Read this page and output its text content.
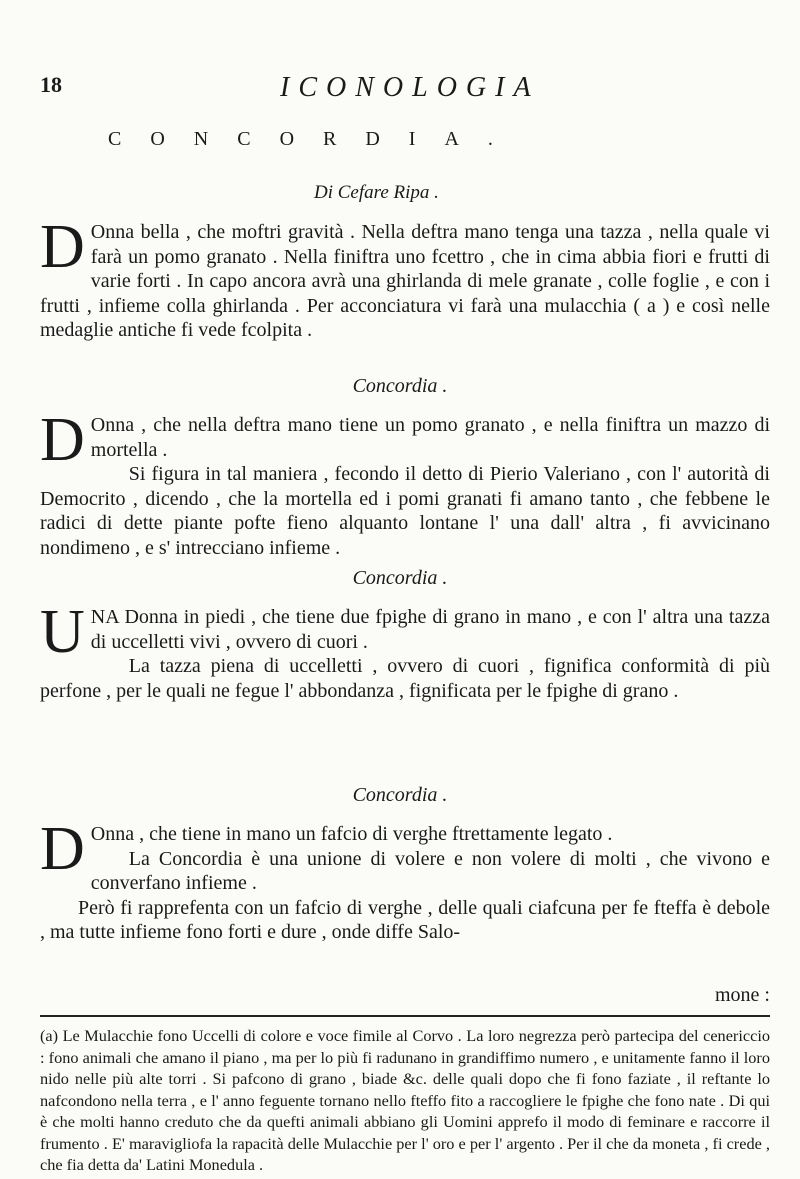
18	ICONOLOGIA
CONCORDIA.
Di Cefare Ripa .
D Onna bella , che moftri gravità . Nella deftra mano tenga una tazza , nella quale vi farà un pomo granato . Nella finiftra uno fcettro , che in cima abbia fiori e frutti di varie forti . In capo ancora avrà una ghirlanda di mele granate , colle foglie , e con i frutti , infieme colla ghirlanda . Per acconciatura vi farà una mulacchia ( a ) e così nelle medaglie antiche fi vede fcolpita .
Concordia .
D Onna , che nella deftra mano tiene un pomo granato , e nella finiftra un mazzo di mortella .

Si figura in tal maniera , fecondo il detto di Pierio Valeriano , con l' autorità di Democrito , dicendo , che la mortella ed i pomi granati fi amano tanto , che febbene le radici di dette piante pofte fieno alquanto lontane l' una dall' altra , fi avvicinano nondimeno , e s' intrecciano infieme .

Concordia .
UNA Donna in piedi , che tiene due fpighe di grano in mano , e con l' altra una tazza di uccelletti vivi , ovvero di cuori .

La tazza piena di uccelletti , ovvero di cuori , fignifica conformità di più perfone , per le quali ne fegue l' abbondanza , fignificata per le fpighe di grano .

Concordia .
D Onna , che tiene in mano un fafcio di verghe ftrettamente legato .

La Concordia è una unione di volere e non volere di molti , che vivono e converfano infieme .

Però fi rapprefenta con un fafcio di verghe , delle quali ciafcuna per fe fteffa è debole , ma tutte infieme fono forti e dure , onde diffe Salo-

mone :

(a) Le Mulacchie fono Uccelli di colore e voce fimile al Corvo . La loro negrezza però partecipa del cenericcio : fono animali che amano il piano , ma per lo più fi radunano in grandiffimo numero , e unitamente fanno il loro nido nelle più alte torri . Si pafcono di grano , biade &c. delle quali dopo che fi fono faziate , il reftante lo nafcondono nella terra , e l' anno feguente tornano nello fteffo fito a raccogliere le fpighe che fono nate . Di qui è che molti hanno creduto che da quefti animali abbiano gli Uomini apprefo il modo di feminare e raccorre il frumento . E' maravigliofa la rapacità delle Mulacchie per l' oro e per l' argento . Per il che da moneta , fi crede , che fia detta da' Latini Monedula .
